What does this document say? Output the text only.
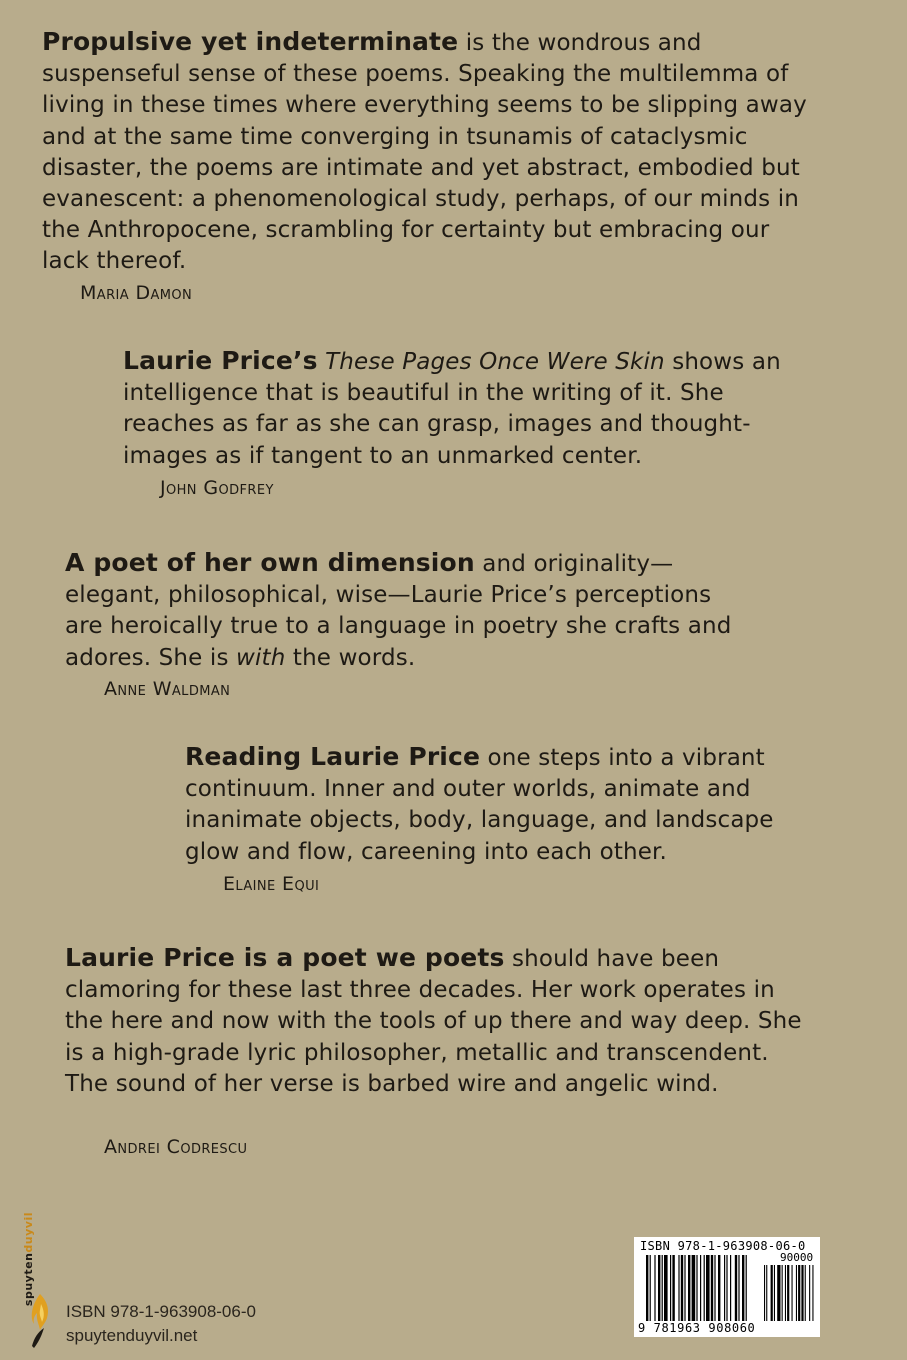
Propulsive yet indeterminate is the wondrous and suspenseful sense of these poems. Speaking the multilemma of living in these times where everything seems to be slipping away and at the same time converging in tsunamis of cataclysmic disaster, the poems are intimate and yet abstract, embodied but evanescent: a phenomenological study, perhaps, of our minds in the Anthropocene, scrambling for certainty but embracing our lack thereof.

Maria Damon

Laurie Price’s These Pages Once Were Skin shows an intelligence that is beautiful in the writing of it. She reaches as far as she can grasp, images and thought-images as if tangent to an unmarked center.

John Godfrey

A poet of her own dimension and originality—elegant, philosophical, wise—Laurie Price’s perceptions are heroically true to a language in poetry she crafts and adores. She is with the words.

Anne Waldman

Reading Laurie Price one steps into a vibrant continuum. Inner and outer worlds, animate and inanimate objects, body, language, and landscape glow and flow, careening into each other.

Elaine Equi

Laurie Price is a poet we poets should have been clamoring for these last three decades. Her work operates in the here and now with the tools of up there and way deep. She is a high-grade lyric philosopher, metallic and transcendent. The sound of her verse is barbed wire and angelic wind.

Andrei Codrescu
spuytenduyvil
ISBN 978-1-963908-06-0
spuytenduyvil.net
ISBN 978-1-963908-06-0
90000
9 781963 908060
